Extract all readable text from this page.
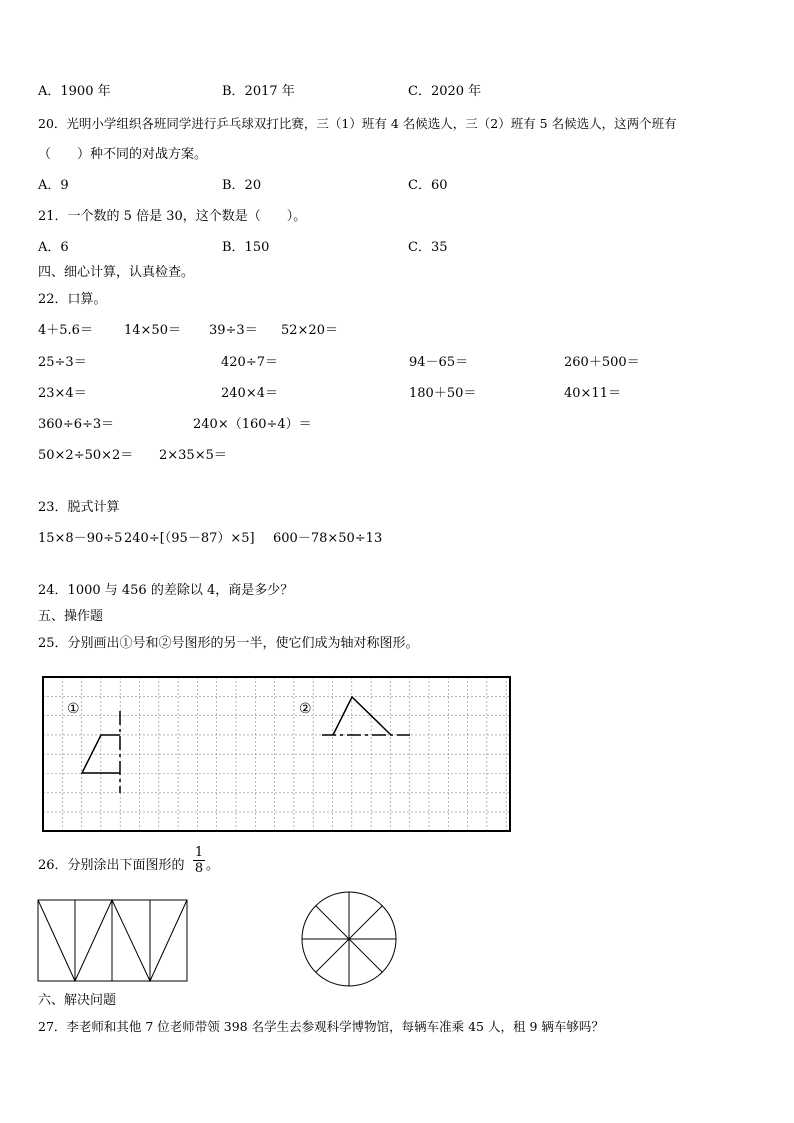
A．1900 年	B．2017 年	C．2020 年
20．光明小学组织各班同学进行乒乓球双打比赛，三（1）班有 4 名候选人，三（2）班有 5 名候选人，这两个班有
（　　）种不同的对战方案。
A．9	B．20	C．60
21．一个数的 5 倍是 30，这个数是（　　）。
A．6	B．150	C．35
四、细心计算，认真检查。
22．口算。
4＋5.6＝ 14×50＝ 39÷3＝ 52×20＝
25÷3＝	420÷7＝	94－65＝	260＋500＝
23×4＝	240×4＝	180＋50＝	40×11＝
360÷6÷3＝	240×（160÷4）＝
50×2÷50×2＝ 2×35×5＝
23．脱式计算
15×8－90÷5 240÷[（95－87）×5] 600－78×50÷13
24．1000 与 456 的差除以 4，商是多少？
五、操作题
25．分别画出①号和②号图形的另一半，使它们成为轴对称图形。
①	②
26．分别涂出下面图形的
1
8 。
六、解决问题
27．李老师和其他 7 位老师带领 398 名学生去参观科学博物馆，每辆车准乘 45 人，租 9 辆车够吗？
